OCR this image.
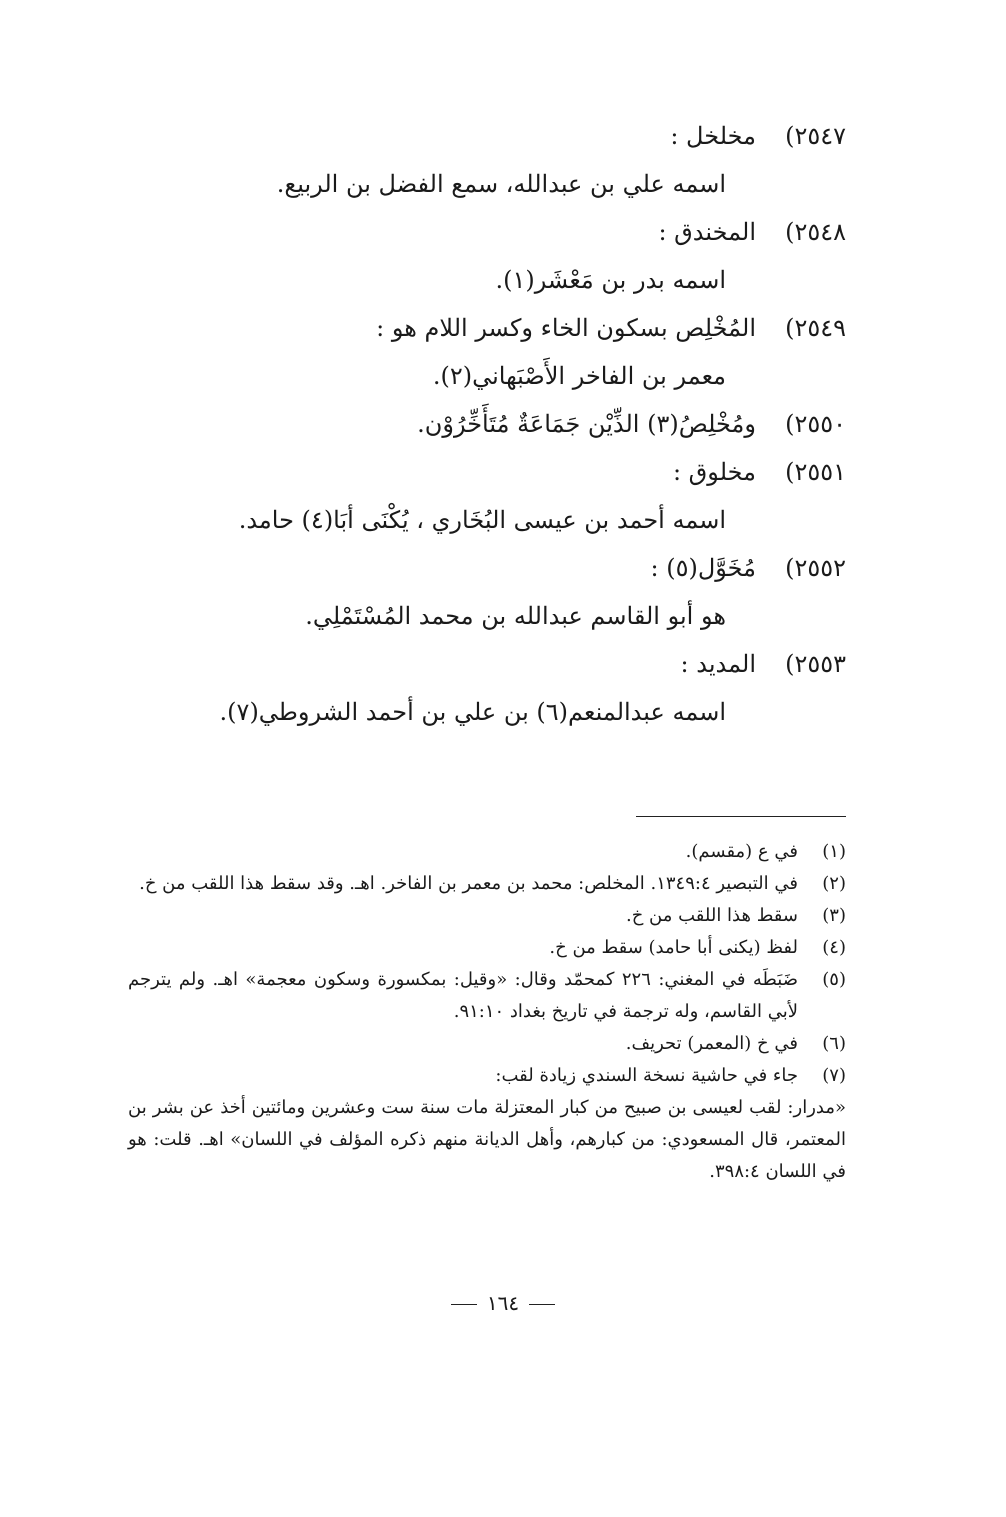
٢٥٤٧)مخلخل :
اسمه علي بن عبدالله، سمع الفضل بن الربيع.
٢٥٤٨)المخندق :
اسمه بدر بن مَعْشَر(١).
٢٥٤٩)المُخْلِص بسكون الخاء وكسر اللام هو :
معمر بن الفاخر الأَصْبَهاني(٢).
٢٥٥٠)ومُخْلِصُ(٣) الذِّيْن جَمَاعَةٌ مُتَأَخِّرُوْن.
٢٥٥١)مخلوق :
اسمه أحمد بن عيسى البُخَاري ، يُكْنَى أبَا(٤) حامد.
٢٥٥٢)مُخَوَّل(٥) :
هو أبو القاسم عبدالله بن محمد المُسْتَمْلِي.
٢٥٥٣)المديد :
اسمه عبدالمنعم(٦) بن علي بن أحمد الشروطي(٧).
(١)
في ع (مقسم).
(٢)
في التبصير ١٣٤٩:٤. المخلص: محمد بن معمر بن الفاخر. اهـ. وقد سقط هذا اللقب من خ.
(٣)
سقط هذا اللقب من خ.
(٤)
لفظ (يكنى أبا حامد) سقط من خ.
(٥)
ضَبَطَه في المغني: ٢٢٦ كمحمّد وقال: «وقيل: بمكسورة وسكون معجمة» اهـ. ولم يترجم لأبي القاسم، وله ترجمة في تاريخ بغداد ٩١:١٠.
(٦)
في خ (المعمر) تحريف.
(٧)
جاء في حاشية نسخة السندي زيادة لقب:
«مدرار: لقب لعيسى بن صبيح من كبار المعتزلة مات سنة ست وعشرين ومائتين أخذ عن بشر بن المعتمر، قال المسعودي: من كبارهم، وأهل الديانة منهم ذكره المؤلف في اللسان» اهـ. قلت: هو في اللسان ٣٩٨:٤.
١٦٤
